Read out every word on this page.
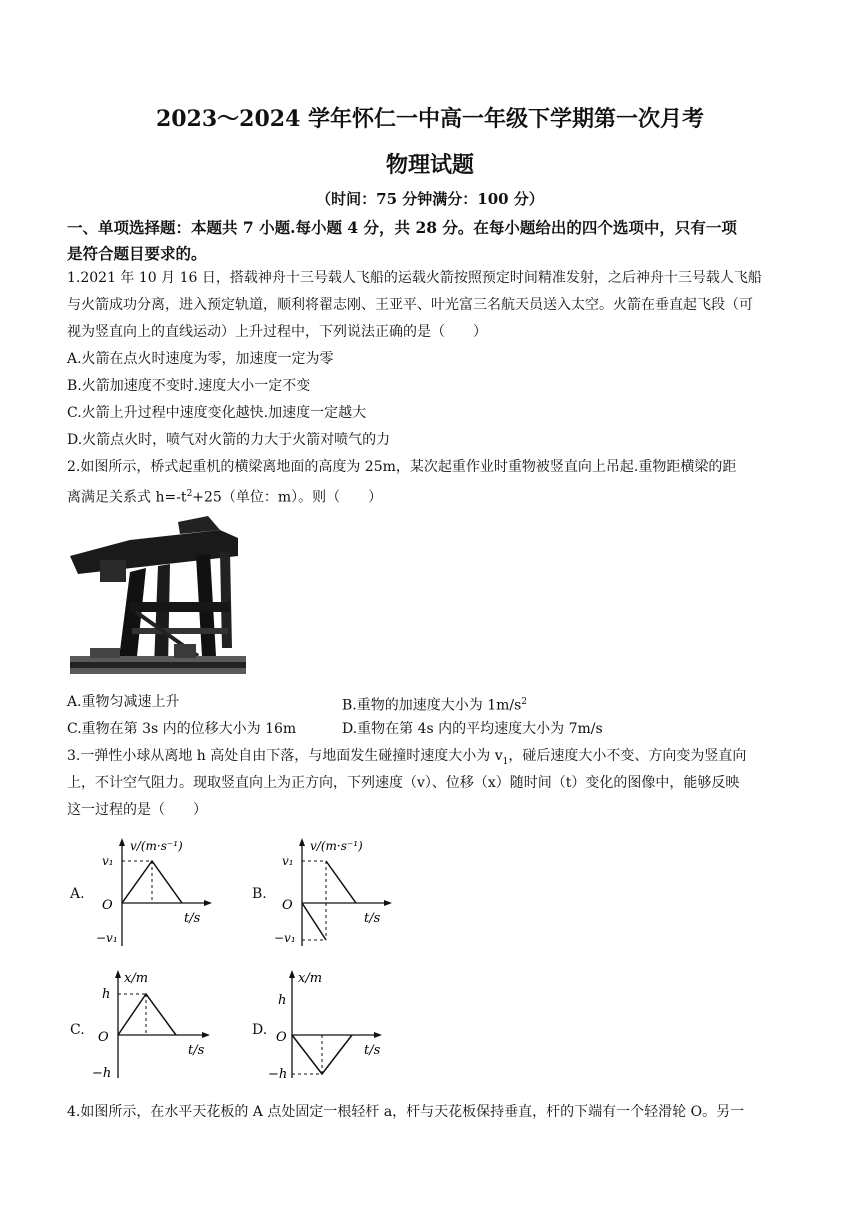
2023～2024 学年怀仁一中高一年级下学期第一次月考
物理试题
（时间：75 分钟满分：100 分）
一、单项选择题：本题共 7 小题.每小题 4 分，共 28 分。在每小题给出的四个选项中，只有一项
是符合题目要求的。
1.2021 年 10 月 16 日，搭载神舟十三号载人飞船的运载火箭按照预定时间精准发射，之后神舟十三号载人飞船
与火箭成功分离，进入预定轨道，顺利将翟志刚、王亚平、叶光富三名航天员送入太空。火箭在垂直起飞段（可
视为竖直向上的直线运动）上升过程中，下列说法正确的是（　　）
A.火箭在点火时速度为零，加速度一定为零
B.火箭加速度不变时.速度大小一定不变
C.火箭上升过程中速度变化越快.加速度一定越大
D.火箭点火时，喷气对火箭的力大于火箭对喷气的力
2.如图所示，桥式起重机的横梁离地面的高度为 25m，某次起重作业时重物被竖直向上吊起.重物距横梁的距
离满足关系式 $h=-t^2+25$（单位：m）。则（　　）
A.重物匀减速上升	B.重物的加速度大小为 $1m/s^2$
C.重物在第 3s 内的位移大小为 16m	D.重物在第 4s 内的平均速度大小为 7m/s
3.一弹性小球从离地 h 高处自由下落，与地面发生碰撞时速度大小为 $v_1$，碰后速度大小不变、方向变为竖直向
上，不计空气阻力。现取竖直向上为正方向，下列速度（v）、位移（x）随时间（t）变化的图像中，能够反映
这一过程的是（　　）
A.
v/(m·s⁻¹)
v₁
O
−v₁
t/s
B.
v/(m·s⁻¹)
v₁
O
−v₁
t/s
C.
x/m
h
O
−h
t/s
D.
x/m
h
O
−h
t/s
4.如图所示，在水平天花板的 A 点处固定一根轻杆 a，杆与天花板保持垂直，杆的下端有一个轻滑轮 O。另一
